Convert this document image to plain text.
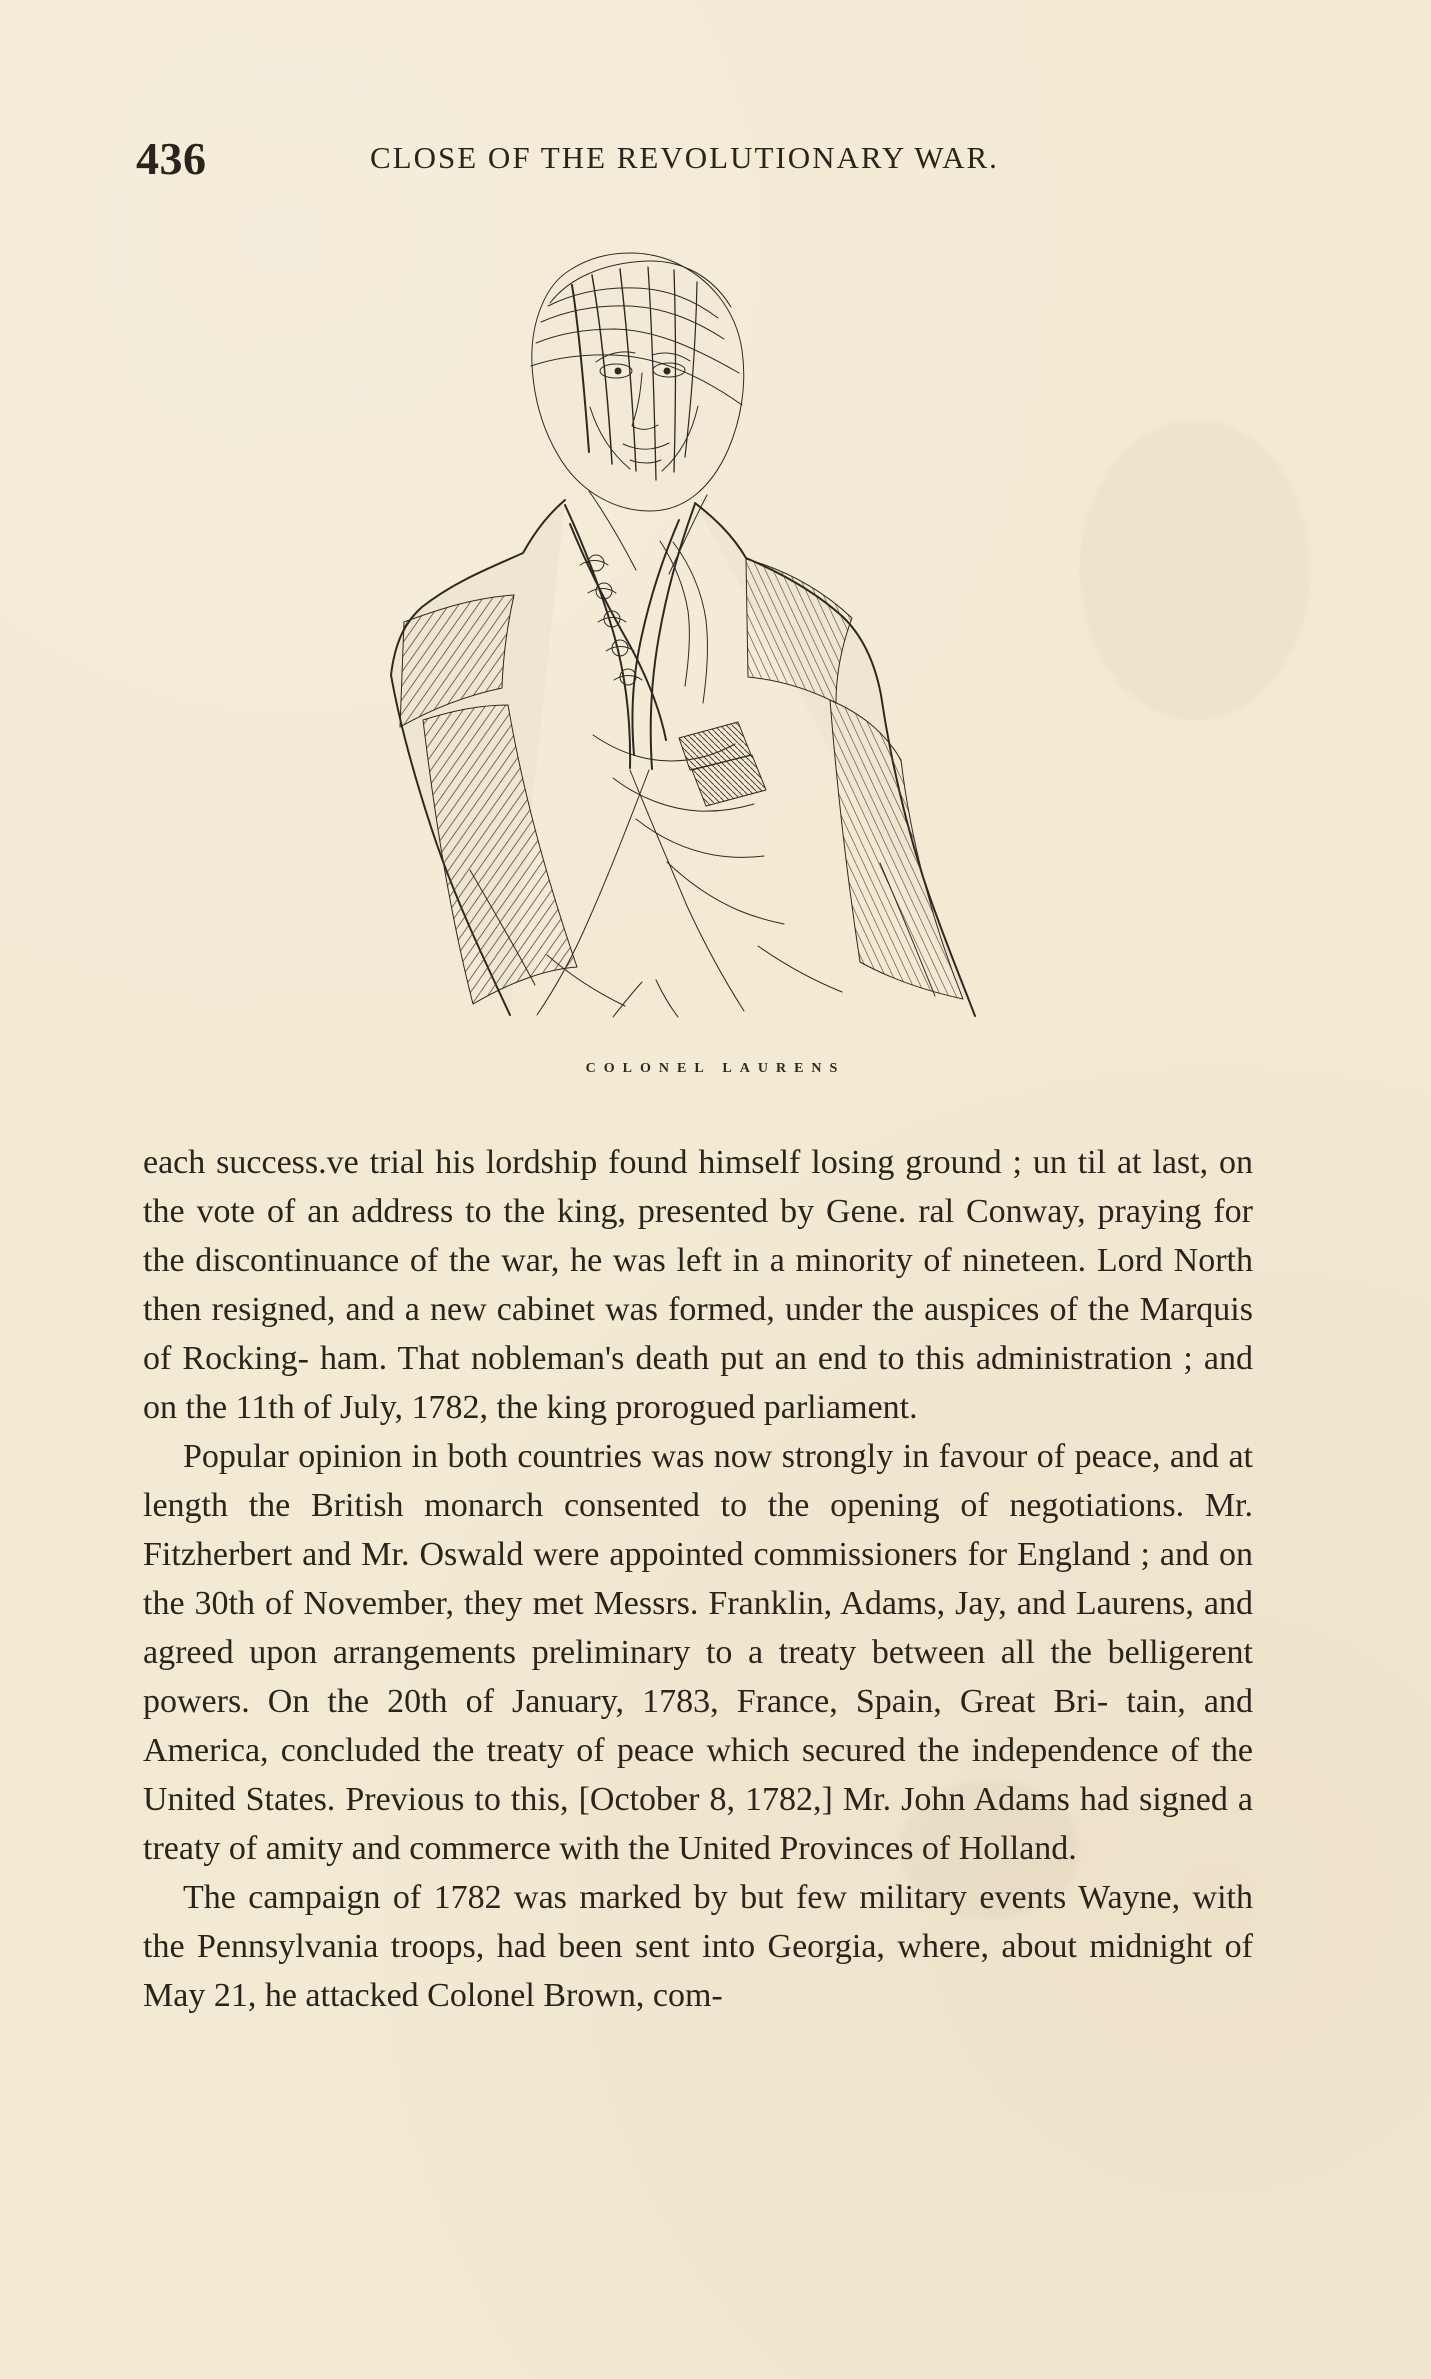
436	CLOSE OF THE REVOLUTIONARY WAR.
COLONEL LAURENS

each success.ve trial his lordship found himself losing ground ; un til at last, on the vote of an address to the king, presented by Gene. ral Conway, praying for the discontinuance of the war, he was left in a minority of nineteen. Lord North then resigned, and a new cabinet was formed, under the auspices of the Marquis of Rocking- ham. That nobleman's death put an end to this administration ; and on the 11th of July, 1782, the king prorogued parliament.

Popular opinion in both countries was now strongly in favour of peace, and at length the British monarch consented to the opening of negotiations. Mr. Fitzherbert and Mr. Oswald were appointed commissioners for England ; and on the 30th of November, they met Messrs. Franklin, Adams, Jay, and Laurens, and agreed upon arrangements preliminary to a treaty between all the belligerent powers. On the 20th of January, 1783, France, Spain, Great Bri- tain, and America, concluded the treaty of peace which secured the independence of the United States. Previous to this, [October 8, 1782,] Mr. John Adams had signed a treaty of amity and commerce with the United Provinces of Holland.

The campaign of 1782 was marked by but few military events Wayne, with the Pennsylvania troops, had been sent into Georgia, where, about midnight of May 21, he attacked Colonel Brown, com-
